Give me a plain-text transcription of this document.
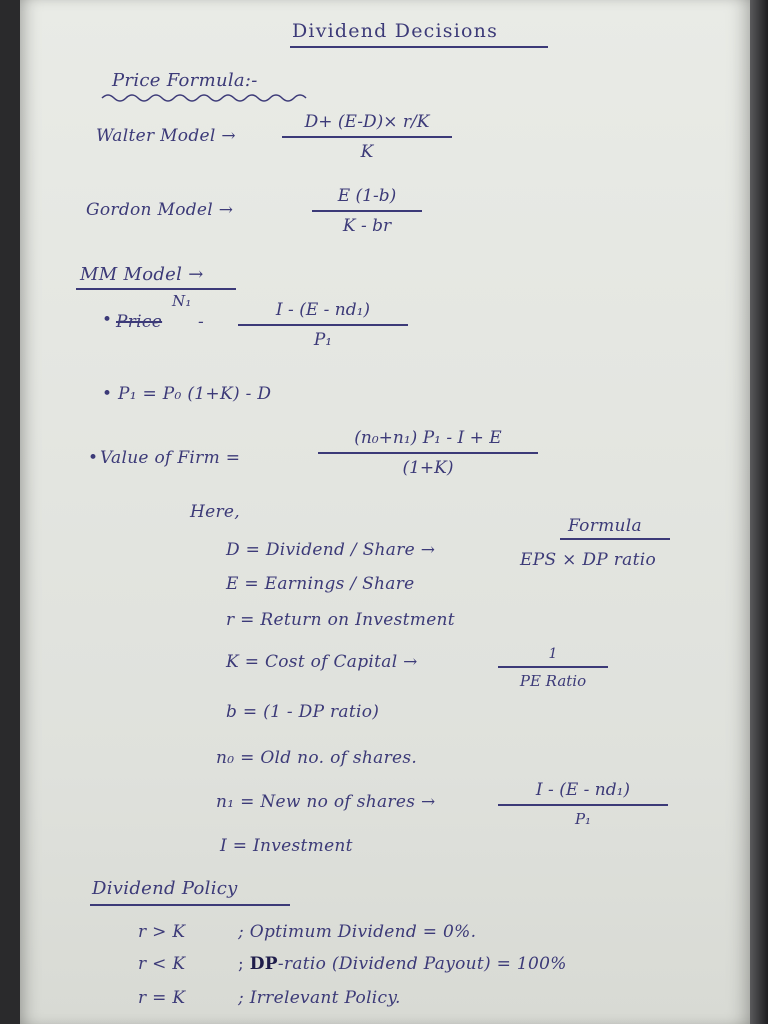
Dividend Decisions
Price Formula:-
Walter Model →
D+ (E-D)× r/K
K
Gordon Model →
E (1-b)
K - br
MM Model →
N₁
• Price -
I - (E - nd₁)
P₁
• P₁ = P₀ (1+K) - D
• Value of Firm =
(n₀+n₁) P₁ - I + E
(1+K)
Here,
Formula
D = Dividend / Share →	EPS × DP ratio
E = Earnings / Share
r = Return on Investment
K = Cost of Capital →	1
PE Ratio
b = (1 - DP ratio)
n₀ = Old no. of shares.
n₁ = New no of shares →
I - (E - nd₁)
P₁
I = Investment
Dividend Policy
r > K	; Optimum Dividend = 0%.
r < K	; DP-ratio (Dividend Payout) = 100%
r = K	; Irrelevant Policy.
